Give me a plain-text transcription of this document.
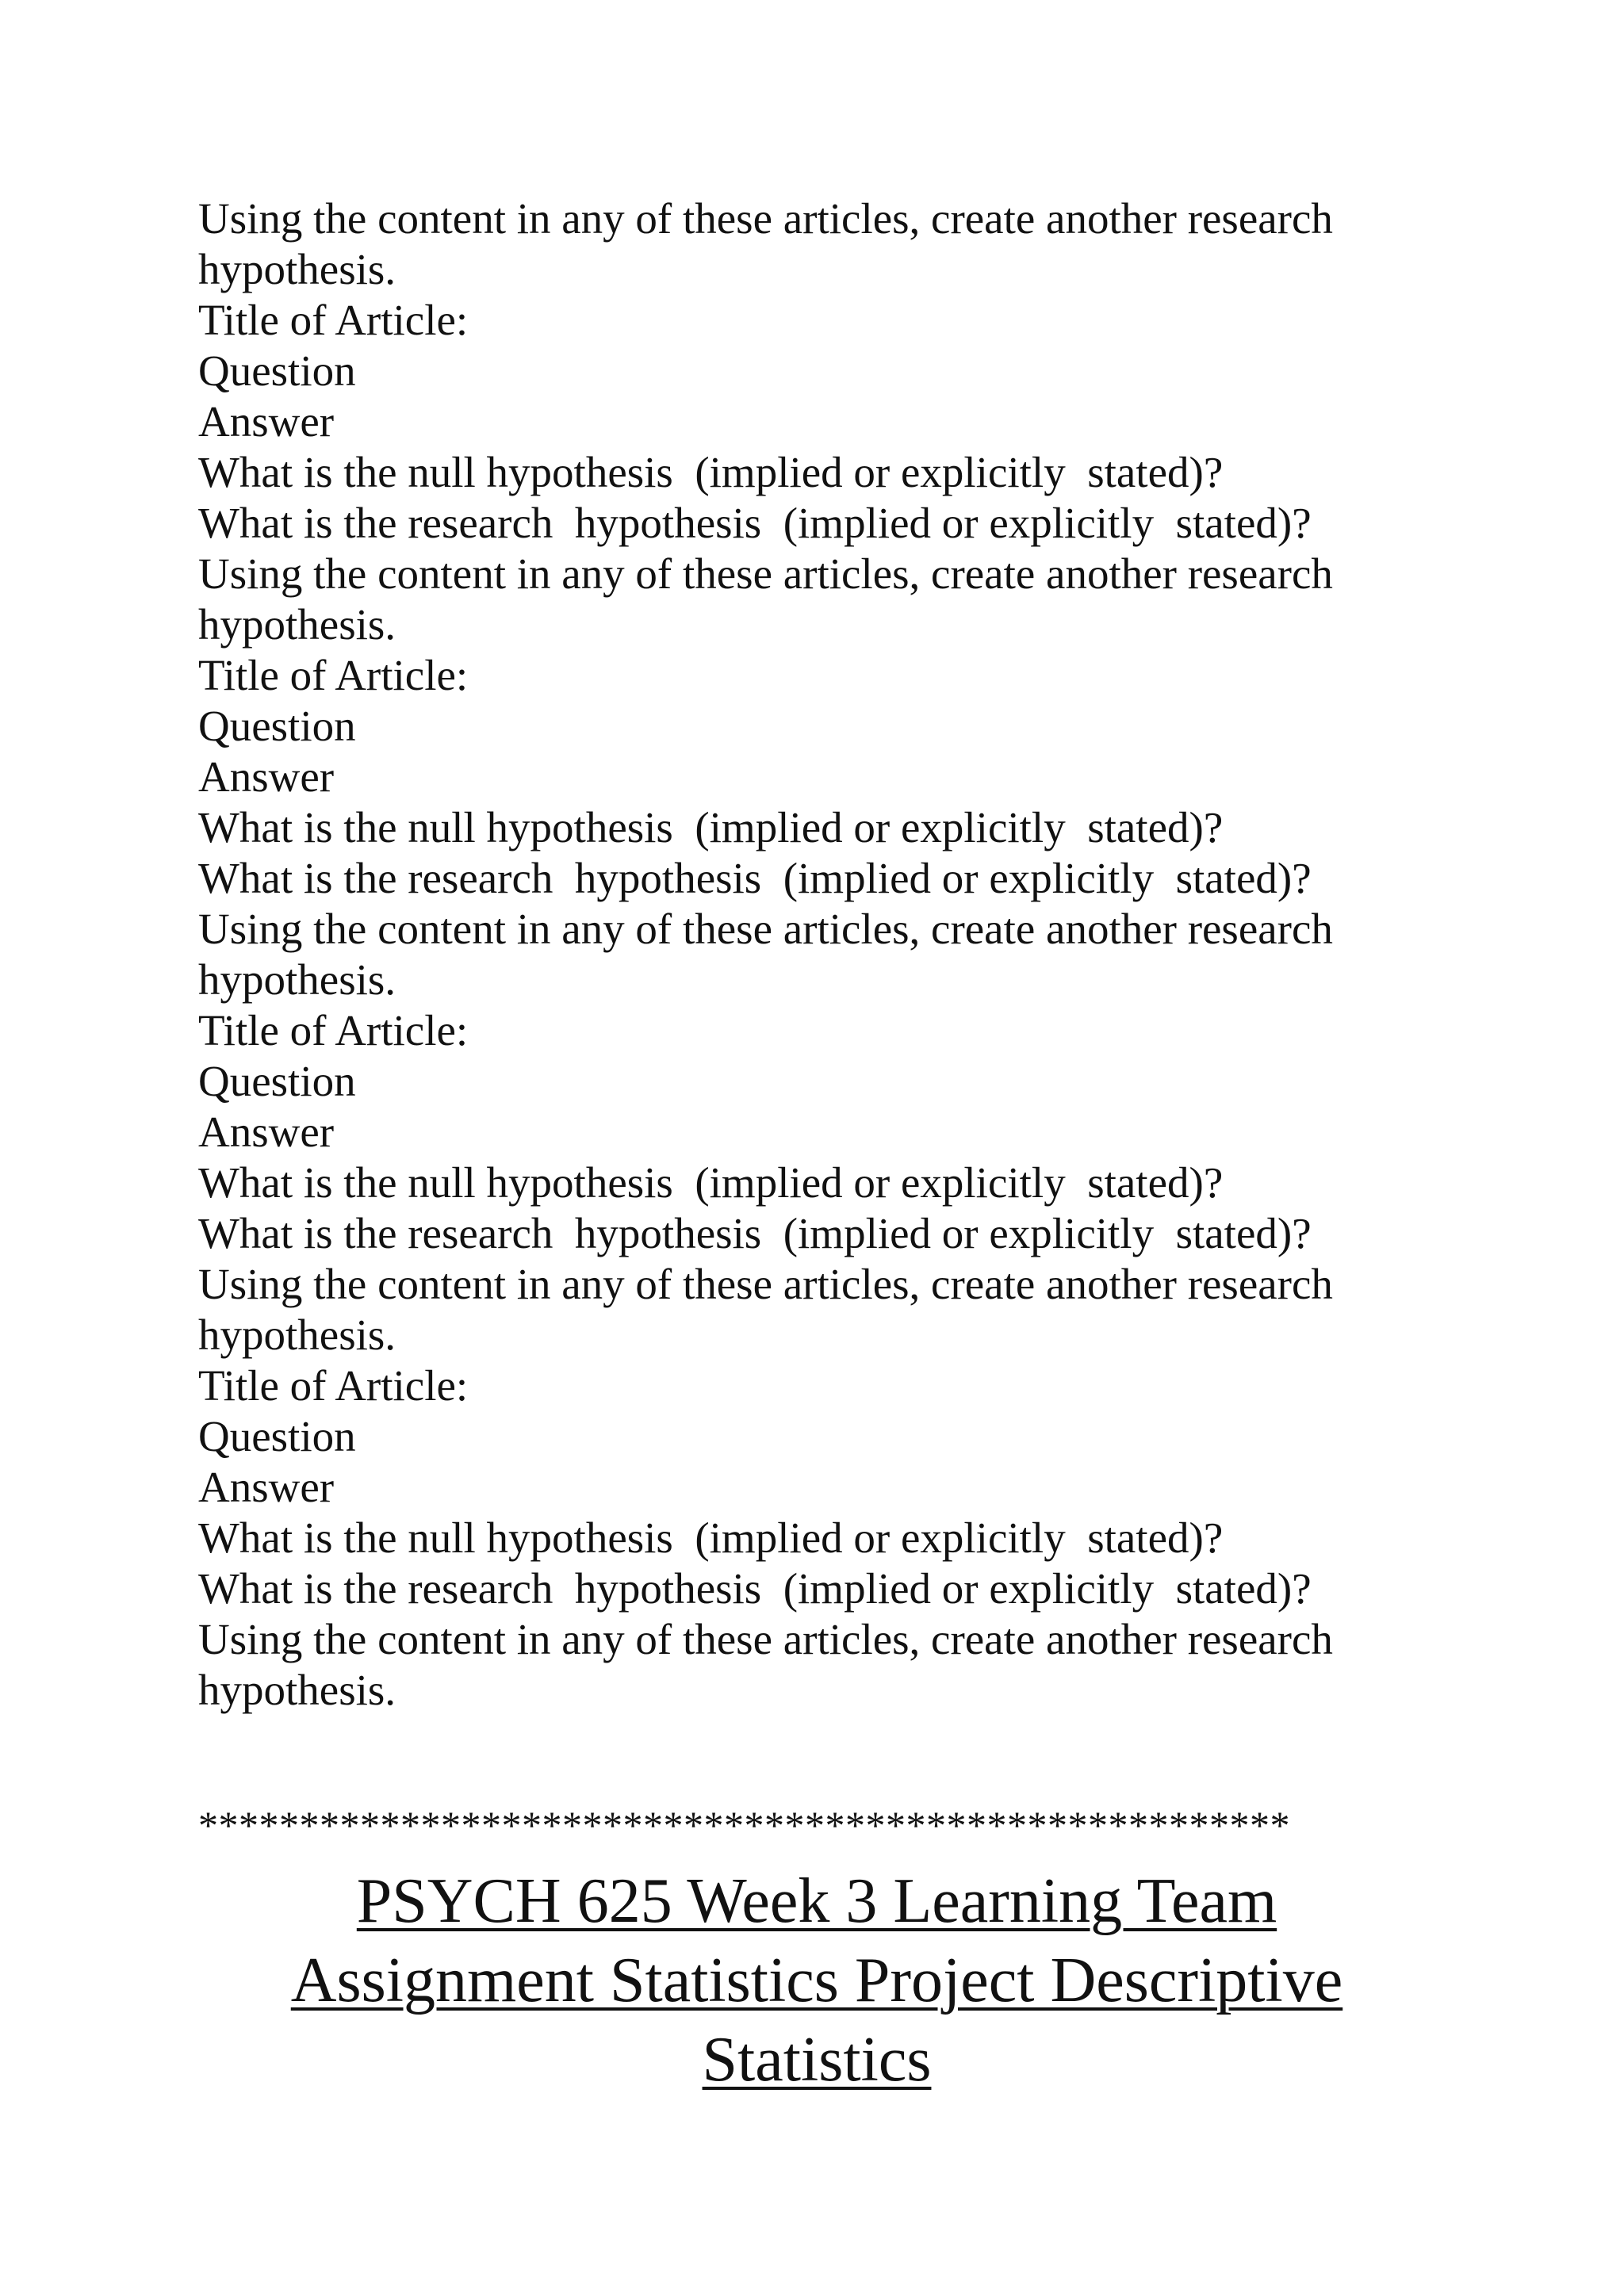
Using the content in any of these articles, create another research
hypothesis.
Title of Article:
Question
Answer
What is the null hypothesis  (implied or explicitly  stated)?
What is the research  hypothesis  (implied or explicitly  stated)?
Using the content in any of these articles, create another research
hypothesis.
Title of Article:
Question
Answer
What is the null hypothesis  (implied or explicitly  stated)?
What is the research  hypothesis  (implied or explicitly  stated)?
Using the content in any of these articles, create another research
hypothesis.
Title of Article:
Question
Answer
What is the null hypothesis  (implied or explicitly  stated)?
What is the research  hypothesis  (implied or explicitly  stated)?
Using the content in any of these articles, create another research
hypothesis.
Title of Article:
Question
Answer
What is the null hypothesis  (implied or explicitly  stated)?
What is the research  hypothesis  (implied or explicitly  stated)?
Using the content in any of these articles, create another research
hypothesis.
******************************************************
PSYCH 625 Week 3 Learning Team
Assignment Statistics Project Descriptive
Statistics
